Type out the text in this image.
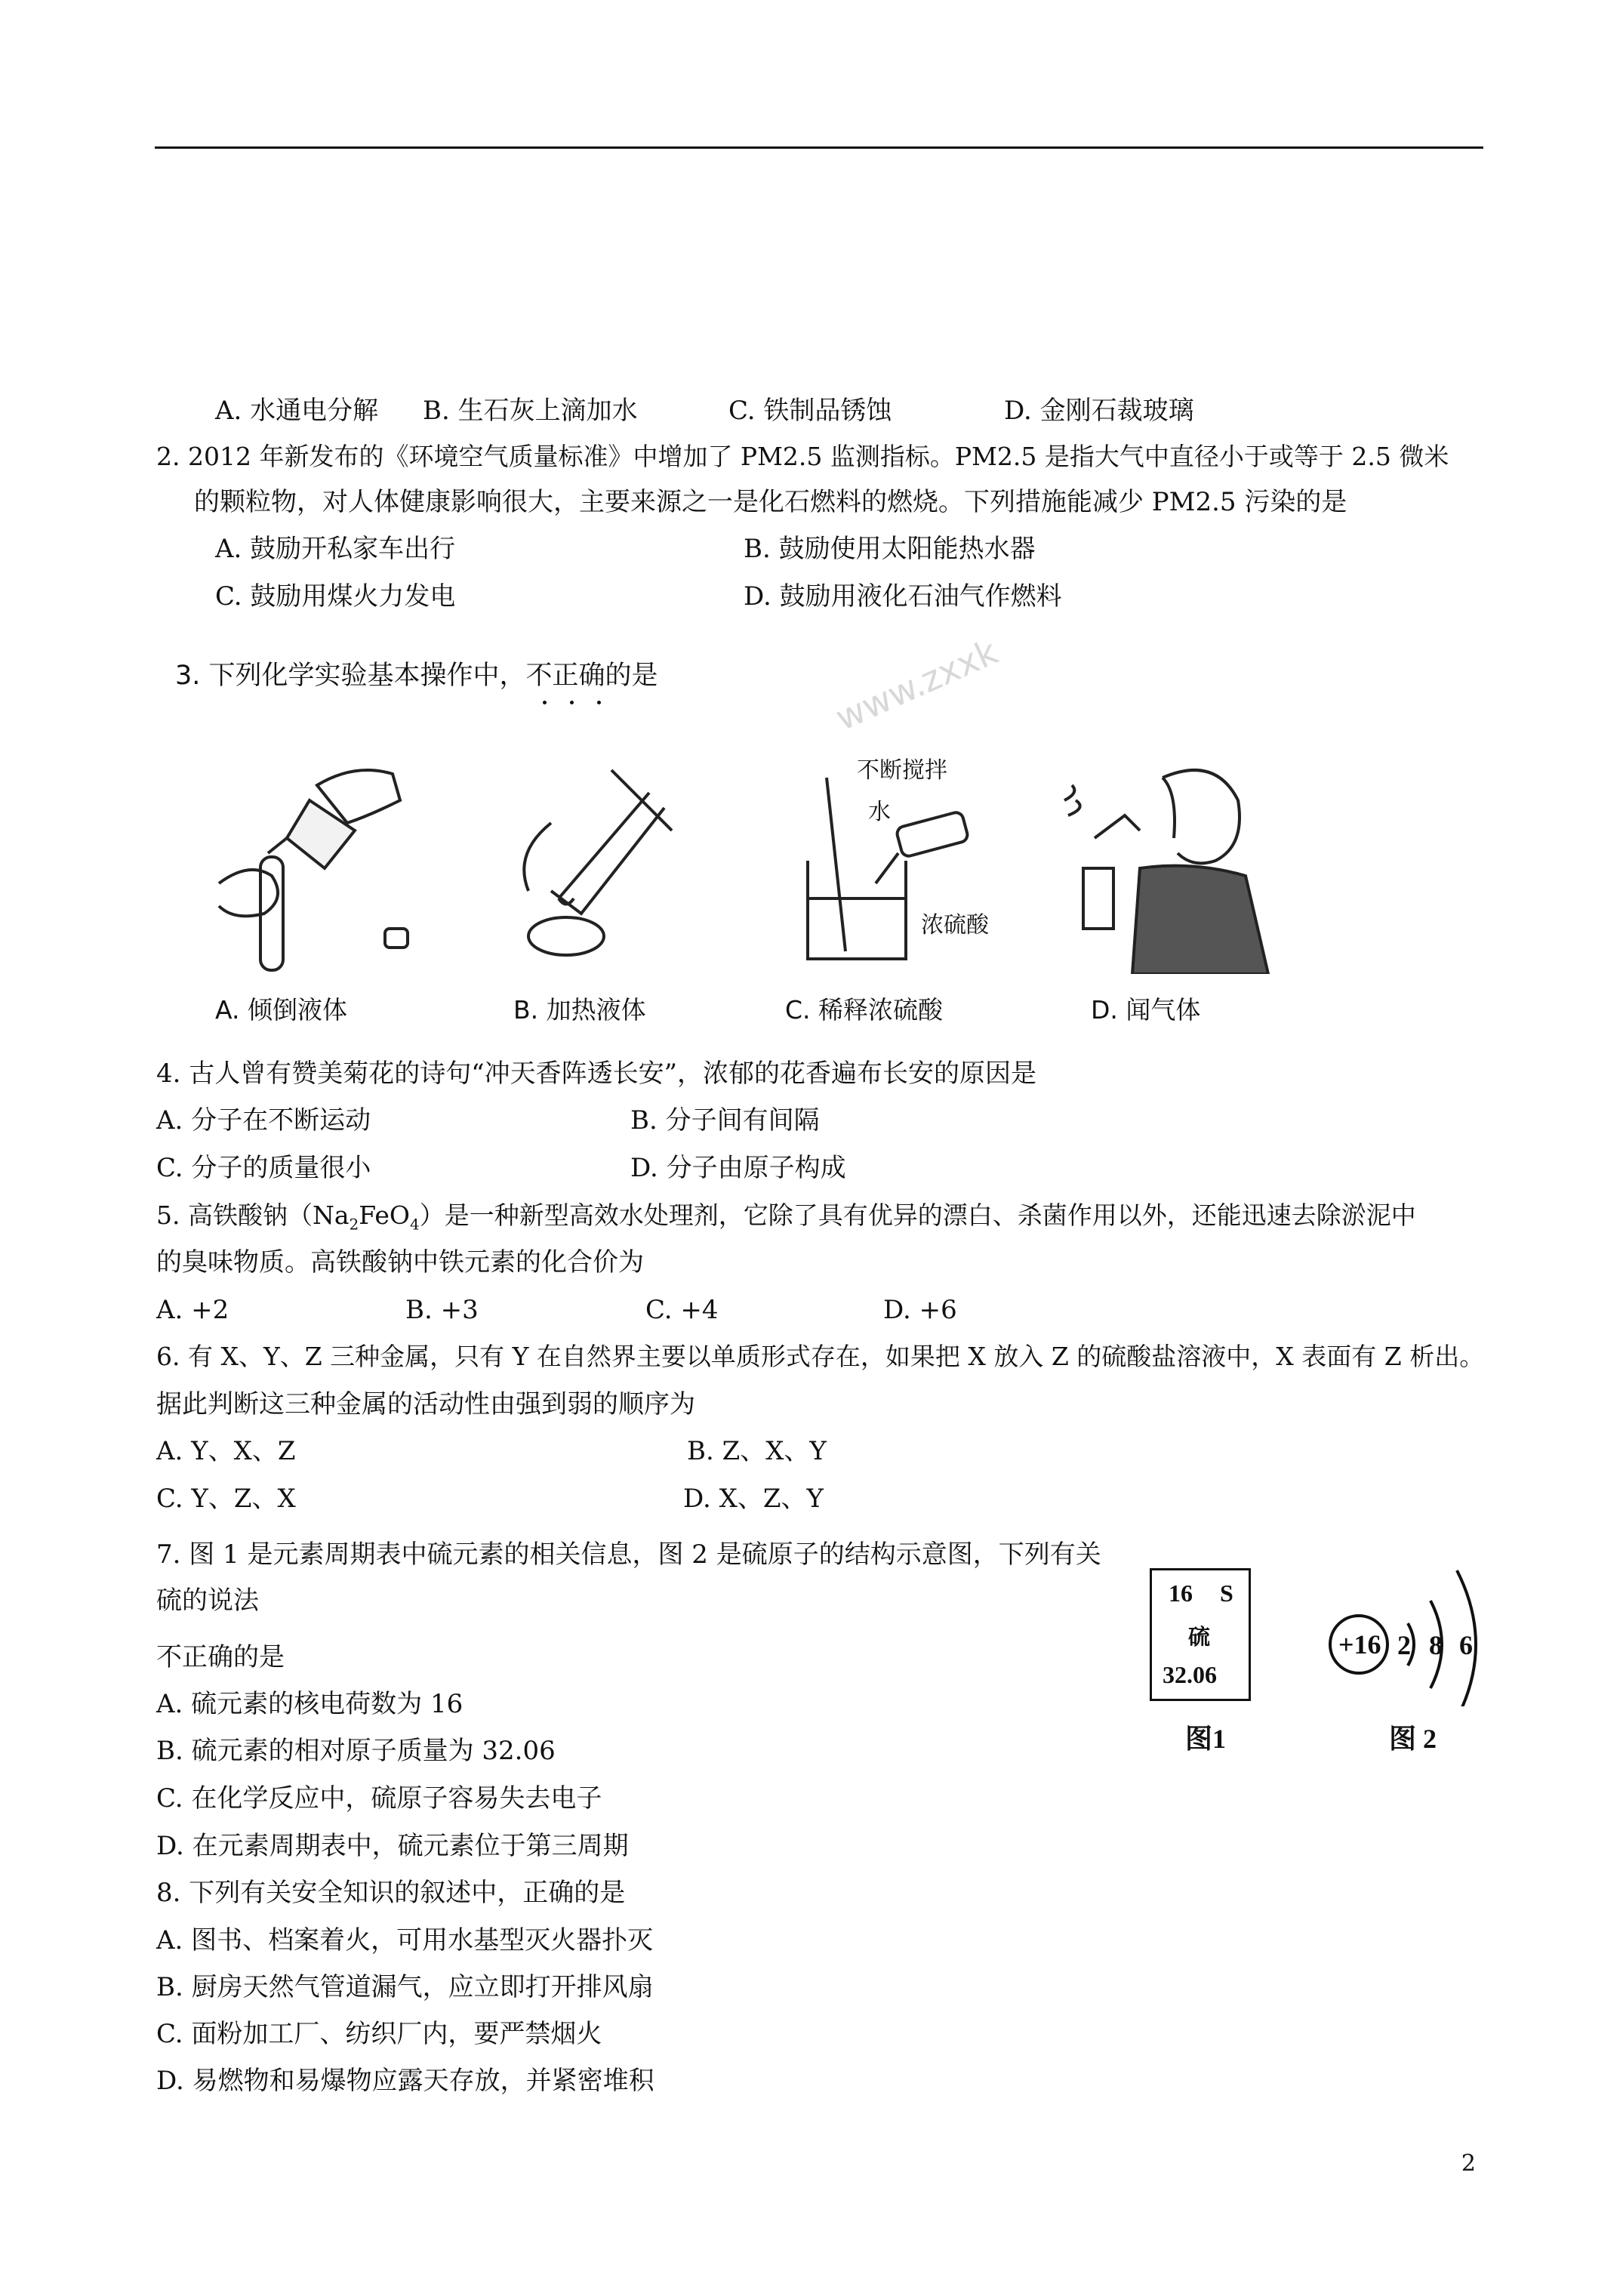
A. 水通电分解 B. 生石灰上滴加水	C. 铁制品锈蚀	D. 金刚石裁玻璃
2. 2012 年新发布的《环境空气质量标准》中增加了 PM2.5 监测指标。PM2.5 是指大气中直径小于或等于 2.5 微米
的颗粒物，对人体健康影响很大，主要来源之一是化石燃料的燃烧。下列措施能减少 PM2.5 污染的是
A. 鼓励开私家车出行	B. 鼓励使用太阳能热水器
C. 鼓励用煤火力发电	D. 鼓励用液化石油气作燃料
3. 下列化学实验基本操作中，不正确的是	www.zxxk
不断搅拌
水
浓硫酸
A. 倾倒液体	B. 加热液体	C. 稀释浓硫酸	D. 闻气体
4. 古人曾有赞美菊花的诗句“冲天香阵透长安”，浓郁的花香遍布长安的原因是
A. 分子在不断运动	B. 分子间有间隔
C. 分子的质量很小	D. 分子由原子构成
5. 高铁酸钠$(Na_2FeO_4)$是一种新型高效水处理剂，它除了具有优异的漂白、杀菌作用以外，还能迅速去除淤泥中
的臭味物质。高铁酸钠中铁元素的化合价为
A. +2	B. +3	C. +4	D. +6
6. 有 X、Y、Z 三种金属，只有 Y 在自然界主要以单质形式存在，如果把 X 放入 Z 的硫酸盐溶液中，X 表面有 Z 析出。
据此判断这三种金属的活动性由强到弱的顺序为
A. Y、X、Z	B. Z、X、Y
C. Y、Z、X	D. X、Z、Y
7. 图 1 是元素周期表中硫元素的相关信息，图 2 是硫原子的结构示意图，下列有关
硫的说法
不正确的是
A. 硫元素的核电荷数为 16
B. 硫元素的相对原子质量为 32.06
C. 在化学反应中，硫原子容易失去电子
D. 在元素周期表中，硫元素位于第三周期
16 S
硫
32.06
图1
+16 2 8 6
图 2
8. 下列有关安全知识的叙述中，正确的是
A. 图书、档案着火，可用水基型灭火器扑灭
B. 厨房天然气管道漏气，应立即打开排风扇
C. 面粉加工厂、纺织厂内，要严禁烟火
D. 易燃物和易爆物应露天存放，并紧密堆积
2
